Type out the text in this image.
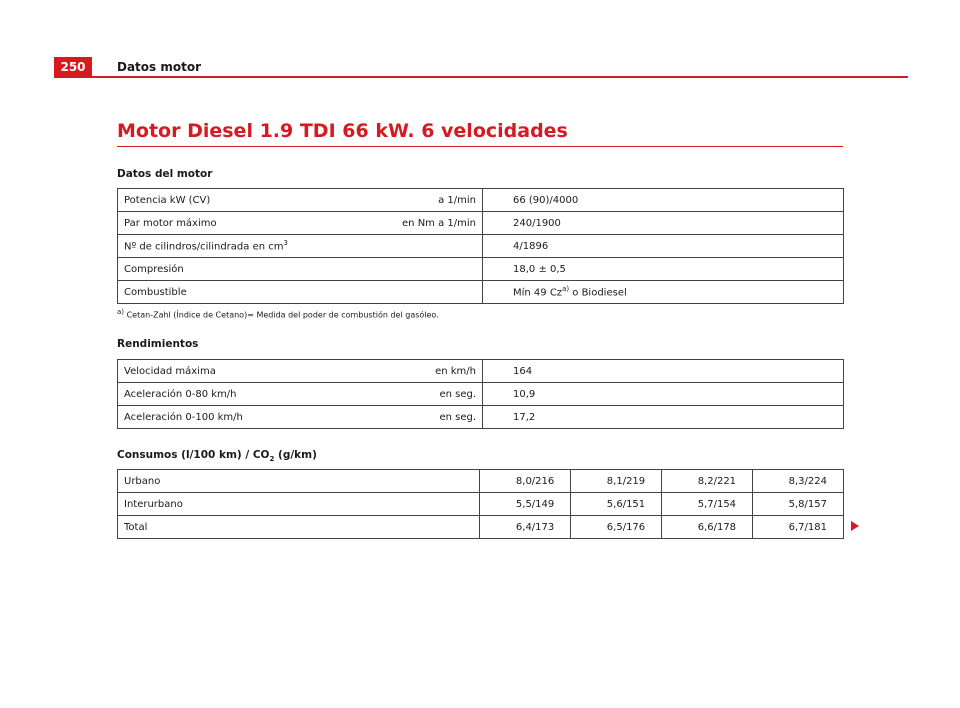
250	Datos motor
Motor Diesel 1.9 TDI 66 kW. 6 velocidades
Datos del motor
Potencia kW (CV)	a 1/min	66 (90)/4000
Par motor máximo	en Nm a 1/min	240/1900
Nº de cilindros/cilindrada en $cm^3$		4/1896
Compresión		18,0 ± 0,5
Combustible		Mín 49 Cz$^{a)}$ o Biodiesel
$^{a)}$ Cetan-Zahl (Índice de Cetano)= Medida del poder de combustión del gasóleo.
Rendimientos
Velocidad máxima	en km/h	164
Aceleración 0-80 km/h	en seg.	10,9
Aceleración 0-100 km/h	en seg.	17,2
Consumos (l/100 $km) / CO_2$ (g/km)
Urbano	8,0/216	8,1/219	8,2/221	8,3/224
Interurbano	5,5/149	5,6/151	5,7/154	5,8/157
Total	6,4/173	6,5/176	6,6/178	6,7/181
